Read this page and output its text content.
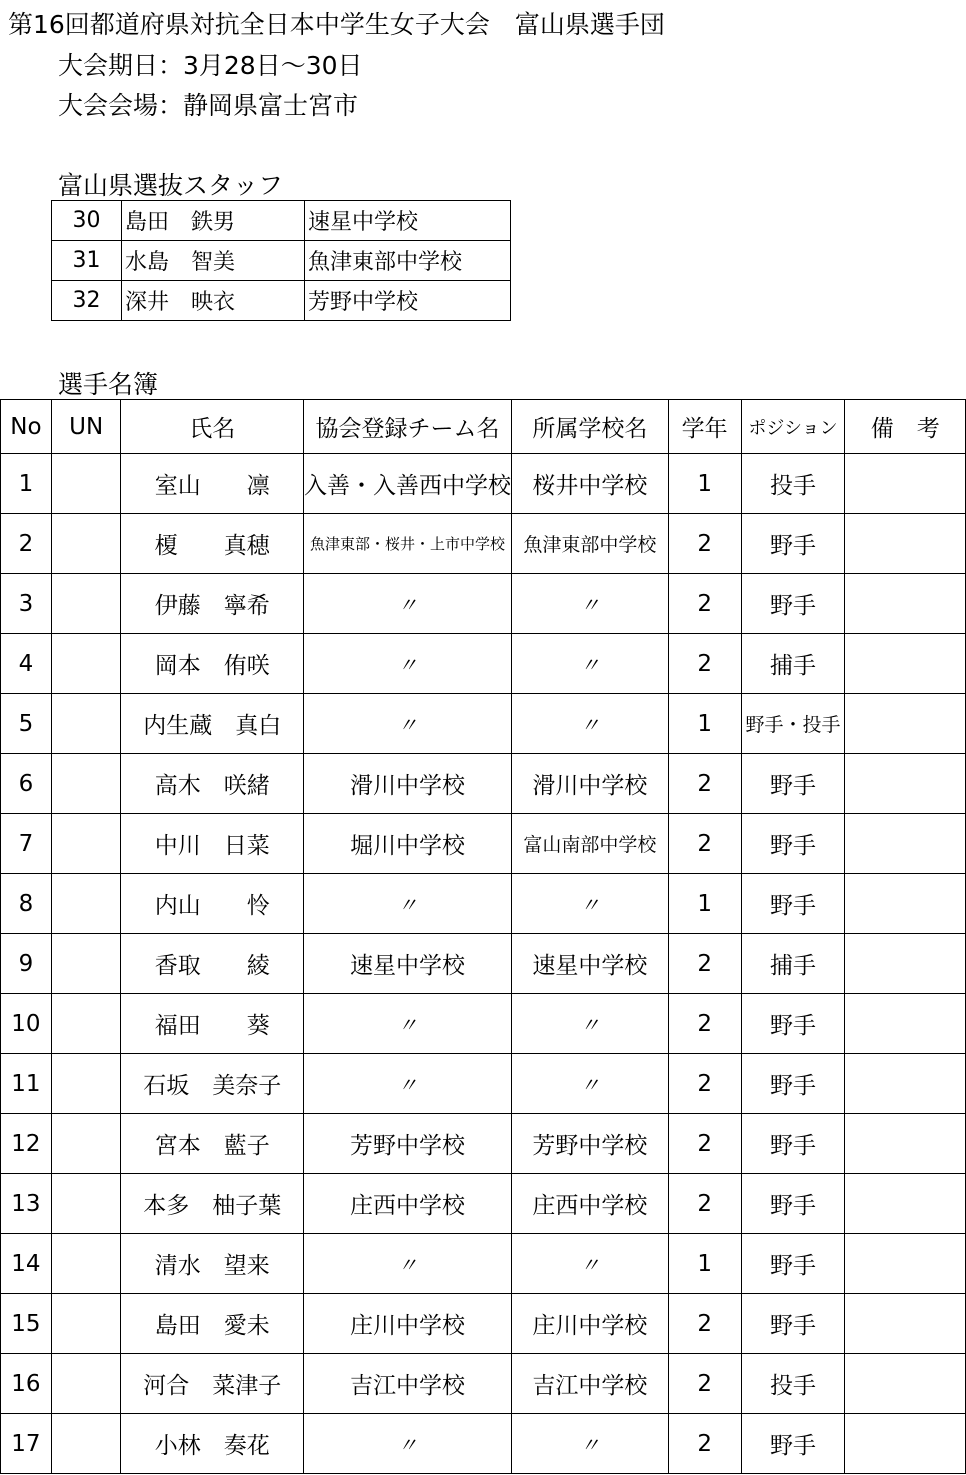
第16回都道府県対抗全日本中学生女子大会　富山県選手団
大会期日：3月28日～30日
大会会場：静岡県富士宮市
富山県選抜スタッフ
30	島田　鉄男	速星中学校
31	水島　智美	魚津東部中学校
32	深井　映衣	芳野中学校
選手名簿
No	UN	氏名	協会登録チーム名	所属学校名	学年	ポジション	備　考
1		室山　　凛	入善・入善西中学校	桜井中学校	1	投手	
2		榎　　真穂	魚津東部・桜井・上市中学校	魚津東部中学校	2	野手	
3		伊藤　寧希	〃	〃	2	野手	
4		岡本　侑咲	〃	〃	2	捕手	
5		内生蔵　真白	〃	〃	1	野手・投手	
6		高木　咲緒	滑川中学校	滑川中学校	2	野手	
7		中川　日菜	堀川中学校	富山南部中学校	2	野手	
8		内山　　怜	〃	〃	1	野手	
9		香取　　綾	速星中学校	速星中学校	2	捕手	
10		福田　　葵	〃	〃	2	野手	
11		石坂　美奈子	〃	〃	2	野手	
12		宮本　藍子	芳野中学校	芳野中学校	2	野手	
13		本多　柚子葉	庄西中学校	庄西中学校	2	野手	
14		清水　望来	〃	〃	1	野手	
15		島田　愛未	庄川中学校	庄川中学校	2	野手	
16		河合　菜津子	吉江中学校	吉江中学校	2	投手	
17		小林　奏花	〃	〃	2	野手	
